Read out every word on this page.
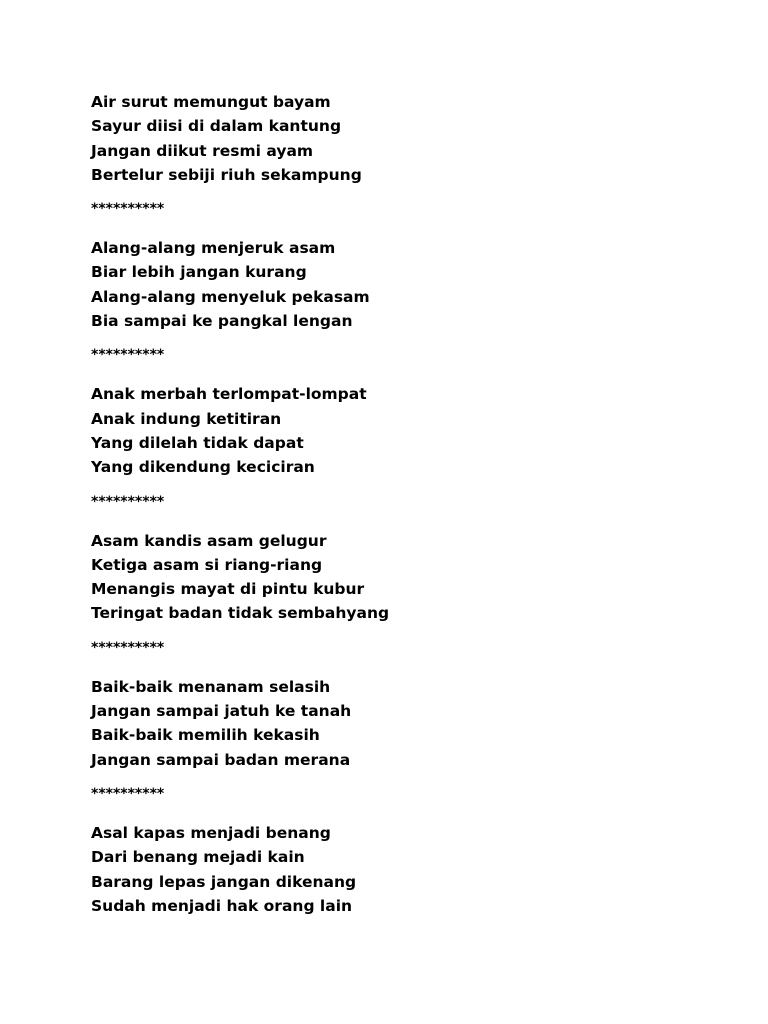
Air surut memungut bayam
Sayur diisi di dalam kantung
Jangan diikut resmi ayam
Bertelur sebiji riuh sekampung
**********
Alang-alang menjeruk asam
Biar lebih jangan kurang
Alang-alang menyeluk pekasam
Bia sampai ke pangkal lengan
**********
Anak merbah terlompat-lompat
Anak indung ketitiran
Yang dilelah tidak dapat
Yang dikendung keciciran
**********
Asam kandis asam gelugur
Ketiga asam si riang-riang
Menangis mayat di pintu kubur
Teringat badan tidak sembahyang
**********
Baik-baik menanam selasih
Jangan sampai jatuh ke tanah
Baik-baik memilih kekasih
Jangan sampai badan merana
**********
Asal kapas menjadi benang
Dari benang mejadi kain
Barang lepas jangan dikenang
Sudah menjadi hak orang lain
